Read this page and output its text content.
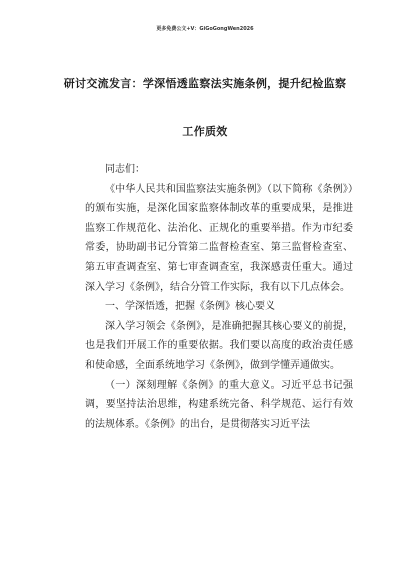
更多免费公文+V：GiGoGongWen2026
研讨交流发言：学深悟透监察法实施条例，提升纪检监察
工作质效

同志们：

《中华人民共和国监察法实施条例》（以下简称《条例》）的颁布实施，是深化国家监察体制改革的重要成果，是推进监察工作规范化、法治化、正规化的重要举措。作为市纪委常委，协助副书记分管第二监督检查室、第三监督检查室、第五审查调查室、第七审查调查室，我深感责任重大。通过深入学习《条例》，结合分管工作实际，我有以下几点体会。

一、学深悟透，把握《条例》核心要义

深入学习领会《条例》，是准确把握其核心要义的前提，也是我们开展工作的重要依据。我们要以高度的政治责任感和使命感，全面系统地学习《条例》，做到学懂弄通做实。

（一）深刻理解《条例》的重大意义。习近平总书记强调，要坚持法治思维，构建系统完备、科学规范、运行有效的法规体系。《条例》的出台，是贯彻落实习近平法
